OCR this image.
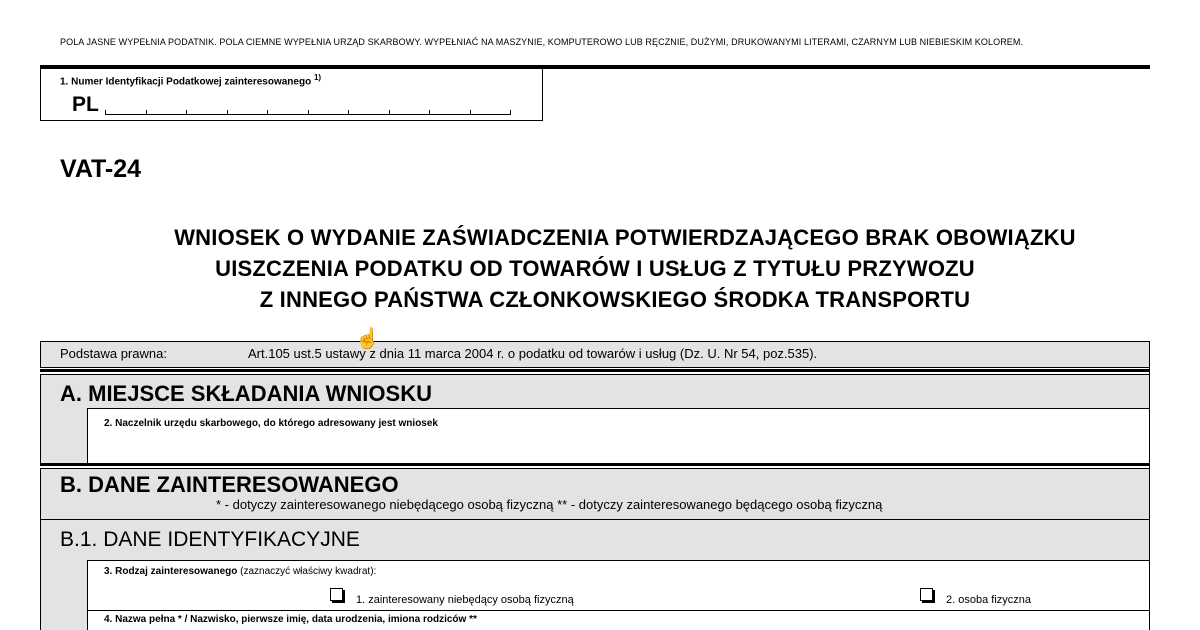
POLA JASNE WYPEŁNIA PODATNIK. POLA CIEMNE WYPEŁNIA URZĄD SKARBOWY. WYPEŁNIAĆ NA MASZYNIE, KOMPUTEROWO LUB RĘCZNIE, DUŻYMI, DRUKOWANYMI LITERAMI, CZARNYM LUB NIEBIESKIM KOLOREM.
1. Numer Identyfikacji Podatkowej zainteresowanego $^{1)}$
PL
VAT-24
WNIOSEK O WYDANIE ZAŚWIADCZENIA POTWIERDZAJĄCEGO BRAK OBOWIĄZKU
UISZCZENIA PODATKU OD TOWARÓW I USŁUG Z TYTUŁU PRZYWOZU
Z INNEGO PAŃSTWA CZŁONKOWSKIEGO ŚRODKA TRANSPORTU
Podstawa prawna:	Art.105 ust.5 ustawy z dnia 11 marca 2004 r. o podatku od towarów i usług (Dz. U. Nr 54, poz.535).
A. MIEJSCE SKŁADANIA WNIOSKU
2. Naczelnik urzędu skarbowego, do którego adresowany jest wniosek
B. DANE ZAINTERESOWANEGO
* - dotyczy zainteresowanego niebędącego osobą fizyczną ** - dotyczy zainteresowanego będącego osobą fizyczną
B.1. DANE IDENTYFIKACYJNE
3. Rodzaj zainteresowanego (zaznaczyć właściwy kwadrat):
1. zainteresowany niebędący osobą fizyczną	2. osoba fizyczna
4. Nazwa pełna * / Nazwisko, pierwsze imię, data urodzenia, imiona rodziców **
☝
